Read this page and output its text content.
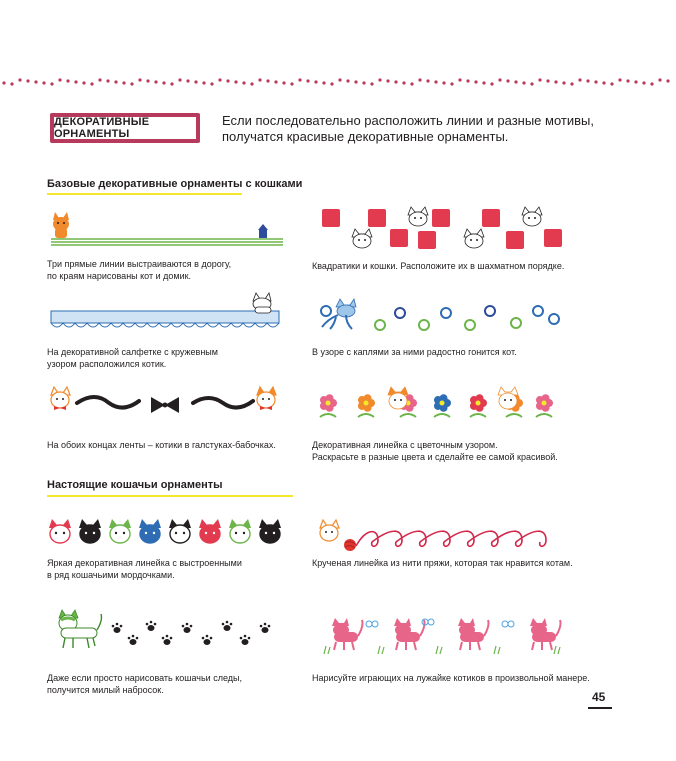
ДЕКОРАТИВНЫЕ ОРНАМЕНТЫ
Если последовательно расположить линии и разные мотивы, получатся красивые декоративные орнаменты.
Базовые декоративные орнаменты с кошками
Три прямые линии выстраиваются в дорогу,
по краям нарисованы кот и домик.
Квадратики и кошки. Расположите их в шахматном порядке.
На декоративной салфетке с кружевным
узором расположился котик.
В узоре с каплями за ними радостно гонится кот.
На обоих концах ленты – котики в галстуках-бабочках.	Декоративная линейка с цветочным узором.
Раскрасьте в разные цвета и сделайте ее самой красивой.
Настоящие кошачьи орнаменты
Яркая декоративная линейка с выстроенными
в ряд кошачьими мордочками.
Крученая линейка из нити пряжи, которая так нравится котам.
Даже если просто нарисовать кошачьи следы,
получится милый набросок.
Нарисуйте играющих на лужайке котиков в произвольной манере.
45
